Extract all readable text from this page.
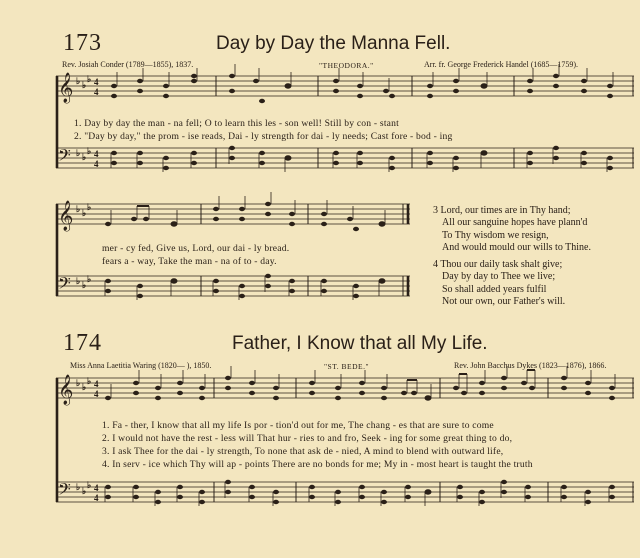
173	Day by Day the Manna Fell.
Rev. Josiah Conder (1789—1855), 1837.	"THEODORA."	Arr. fr. George Frederick Handel (1685—1759).
𝄞
𝄢
♭ ♭
♭ 4
4
♭ ♭
♭ 4
4
1. Day by day the man - na fell; O to learn this les - son well! Still by con - stant
2. "Day by day," the prom - ise reads, Dai - ly strength for dai - ly needs; Cast fore - bod - ing
𝄞
𝄢
♭ ♭
♭
♭ ♭
♭
mer - cy fed, Give us, Lord, our dai - ly bread.
fears a - way, Take the man - na of to - day.
3 Lord, our times are in Thy hand;
All our sanguine hopes have plann'd
To Thy wisdom we resign,
And would mould our wills to Thine.
4 Thou our daily task shalt give;
Day by day to Thee we live;
So shall added years fulfil
Not our own, our Father's will.
174	Father, I Know that all My Life.
Miss Anna Laetitia Waring (1820— ), 1850.	"ST. BEDE."	Rev. John Bacchus Dykes (1823—1876), 1866.
𝄞
𝄢
♭ ♭
♭ 4
4
♭ ♭
♭ 4
4
1. Fa - ther, I know that all my life Is por - tion'd out for me, The chang - es that are sure to come
2. I would not have the rest - less will That hur - ries to and fro, Seek - ing for some great thing to do,
3. I ask Thee for the dai - ly strength, To none that ask de - nied, A mind to blend with outward life,
4. In serv - ice which Thy will ap - points There are no bonds for me; My in - most heart is taught the truth
